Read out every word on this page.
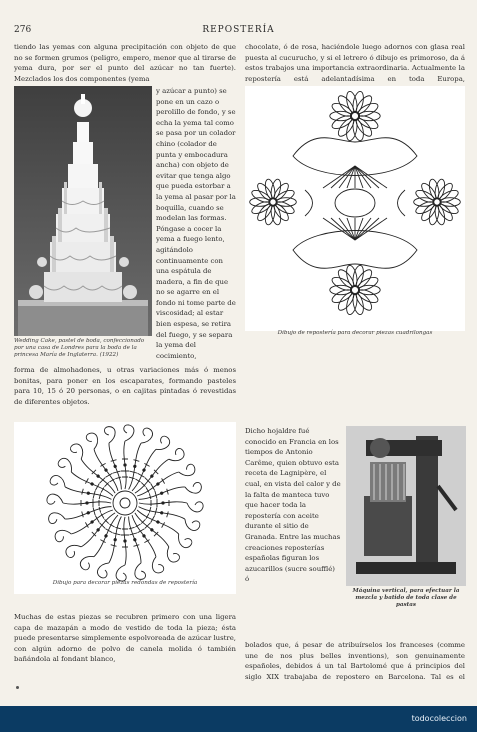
276	REPOSTERÍA

tiendo las yemas con alguna precipitación con objeto de que no se formen grumos (peligro, empero, menor que al tirarse de yema dura, por ser el punto del azúcar no tan fuerte). Mezclados los dos componentes (yema

Wedding Cake, pastel de boda, confeccionado por una casa de Londres para la boda de la princesa María de Inglaterra. (1922)

y azúcar a punto) se pone en un cazo o perolillo de fondo, y se echa la yema tal como se pasa por un colador chino (colador de punta y embocadura ancha) con objeto de evitar que tenga algo que pueda estorbar a la yema al pasar por la boquilla, cuando se modelan las formas. Póngase a cocer la yema a fuego lento, agitándolo continuamente con una espátula de madera, a fin de que no se agarre en el fondo ni tome parte de viscosidad; al estar bien espesa, se retira del fuego, y se separa la yema del cocimiento,

forma de almohadones, u otras variaciones más ó menos bonitas, para poner en los escaparates, formando pasteles para 10, 15 ó 20 personas, o en cajitas pintadas ó revestidas de diferentes objetos.

Dibujo para decorar piezas redondas de repostería

Muchas de estas piezas se recubren primero con una ligera capa de mazapán a modo de vestido de toda la pieza; ésta puede presentarse simplemente espolvoreada de azúcar lustre, con algún adorno de polvo de canela molida ó también bañándola al fondant blanco,

Dibujo de repostería para decorar piezas cuadrilongas

chocolate, ó de rosa, haciéndole luego adornos con glasa real puesta al cucurucho, y si el letrero ó dibujo es primoroso, da á estos trabajos una importancia extraordinaria. Actualmente la repostería está adelantadísima en toda Europa,

Dicho hojaldre fué conocido en Francia en los tiempos de Antonio Carême, quien obtuvo esta receta de Lagnipère, el cual, en vista del calor y de la falta de manteca tuvo que hacer toda la repostería con aceite durante el sitio de Granada. Entre las muchas creaciones reposterías españolas figuran los azucarillos (sucre soufflé) ó

Máquina vertical, para efectuar la mezcla y batido de toda clase de pastas

bolados que, á pesar de atribuírselos los franceses (comme une de nos plus belles inventions), son genuinamente españoles, debidos á un tal Bartolomé que á principios del siglo XIX trabajaba de repostero en Barcelona. Tal es el

todocoleccion
